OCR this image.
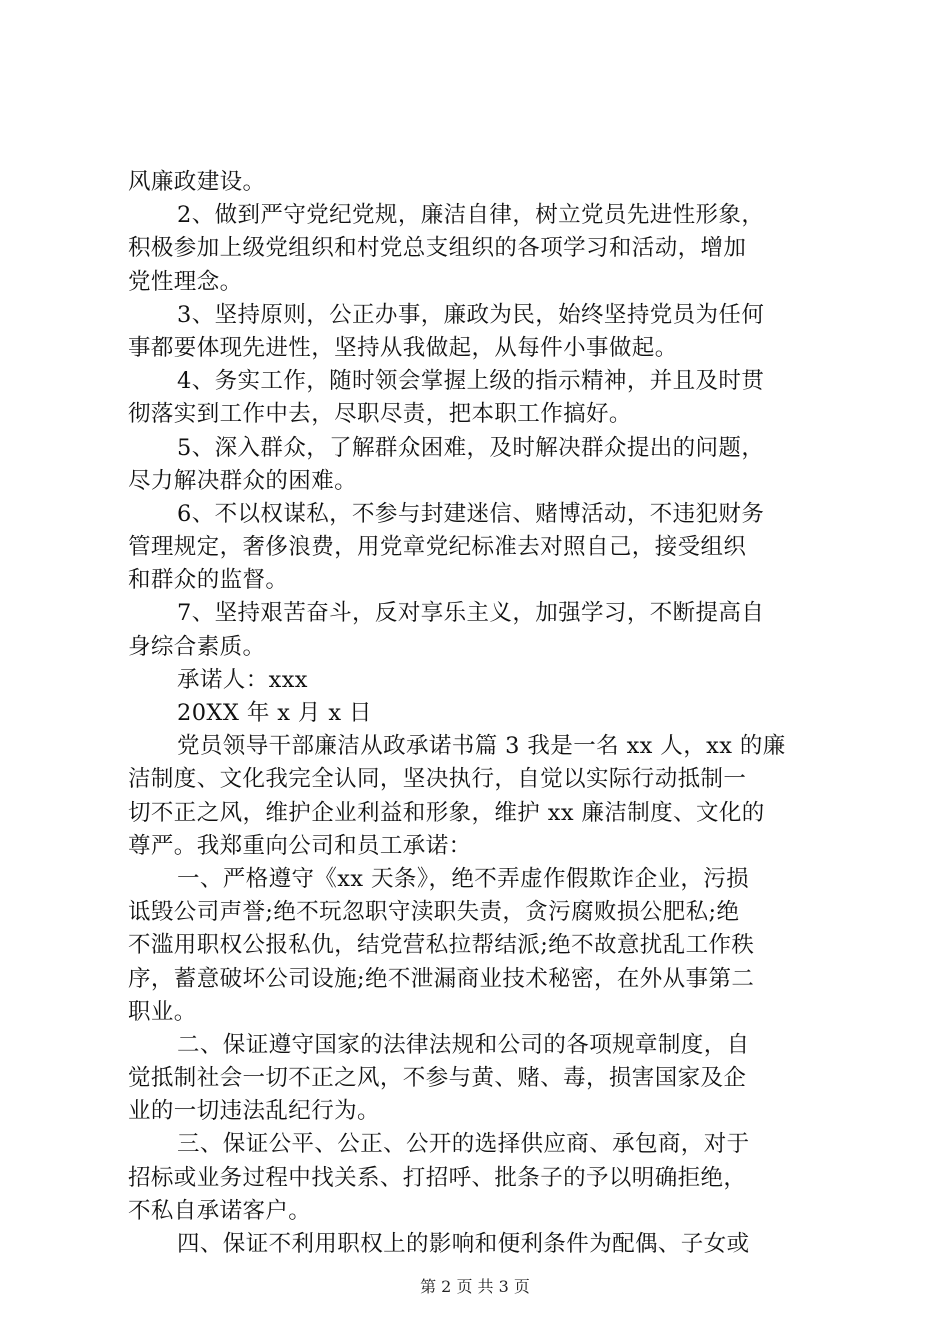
风廉政建设。
2、做到严守党纪党规，廉洁自律，树立党员先进性形象，
积极参加上级党组织和村党总支组织的各项学习和活动，增加
党性理念。
3、坚持原则，公正办事，廉政为民，始终坚持党员为任何
事都要体现先进性，坚持从我做起，从每件小事做起。
4、务实工作，随时领会掌握上级的指示精神，并且及时贯
彻落实到工作中去，尽职尽责，把本职工作搞好。
5、深入群众，了解群众困难，及时解决群众提出的问题，
尽力解决群众的困难。
6、不以权谋私，不参与封建迷信、赌博活动，不违犯财务
管理规定，奢侈浪费，用党章党纪标准去对照自己，接受组织
和群众的监督。
7、坚持艰苦奋斗，反对享乐主义，加强学习，不断提高自
身综合素质。
承诺人：xxx
20XX 年 x 月 x 日
党员领导干部廉洁从政承诺书篇 3 我是一名 xx 人，xx 的廉
洁制度、文化我完全认同，坚决执行，自觉以实际行动抵制一
切不正之风，维护企业利益和形象，维护 xx 廉洁制度、文化的
尊严。我郑重向公司和员工承诺：
一、严格遵守《xx 天条》，绝不弄虚作假欺诈企业，污损
诋毁公司声誉;绝不玩忽职守渎职失责，贪污腐败损公肥私;绝
不滥用职权公报私仇，结党营私拉帮结派;绝不故意扰乱工作秩
序，蓄意破坏公司设施;绝不泄漏商业技术秘密，在外从事第二
职业。
二、保证遵守国家的法律法规和公司的各项规章制度，自
觉抵制社会一切不正之风，不参与黄、赌、毒，损害国家及企
业的一切违法乱纪行为。
三、保证公平、公正、公开的选择供应商、承包商，对于
招标或业务过程中找关系、打招呼、批条子的予以明确拒绝，
不私自承诺客户。
四、保证不利用职权上的影响和便利条件为配偶、子女或
第 2 页 共 3 页
